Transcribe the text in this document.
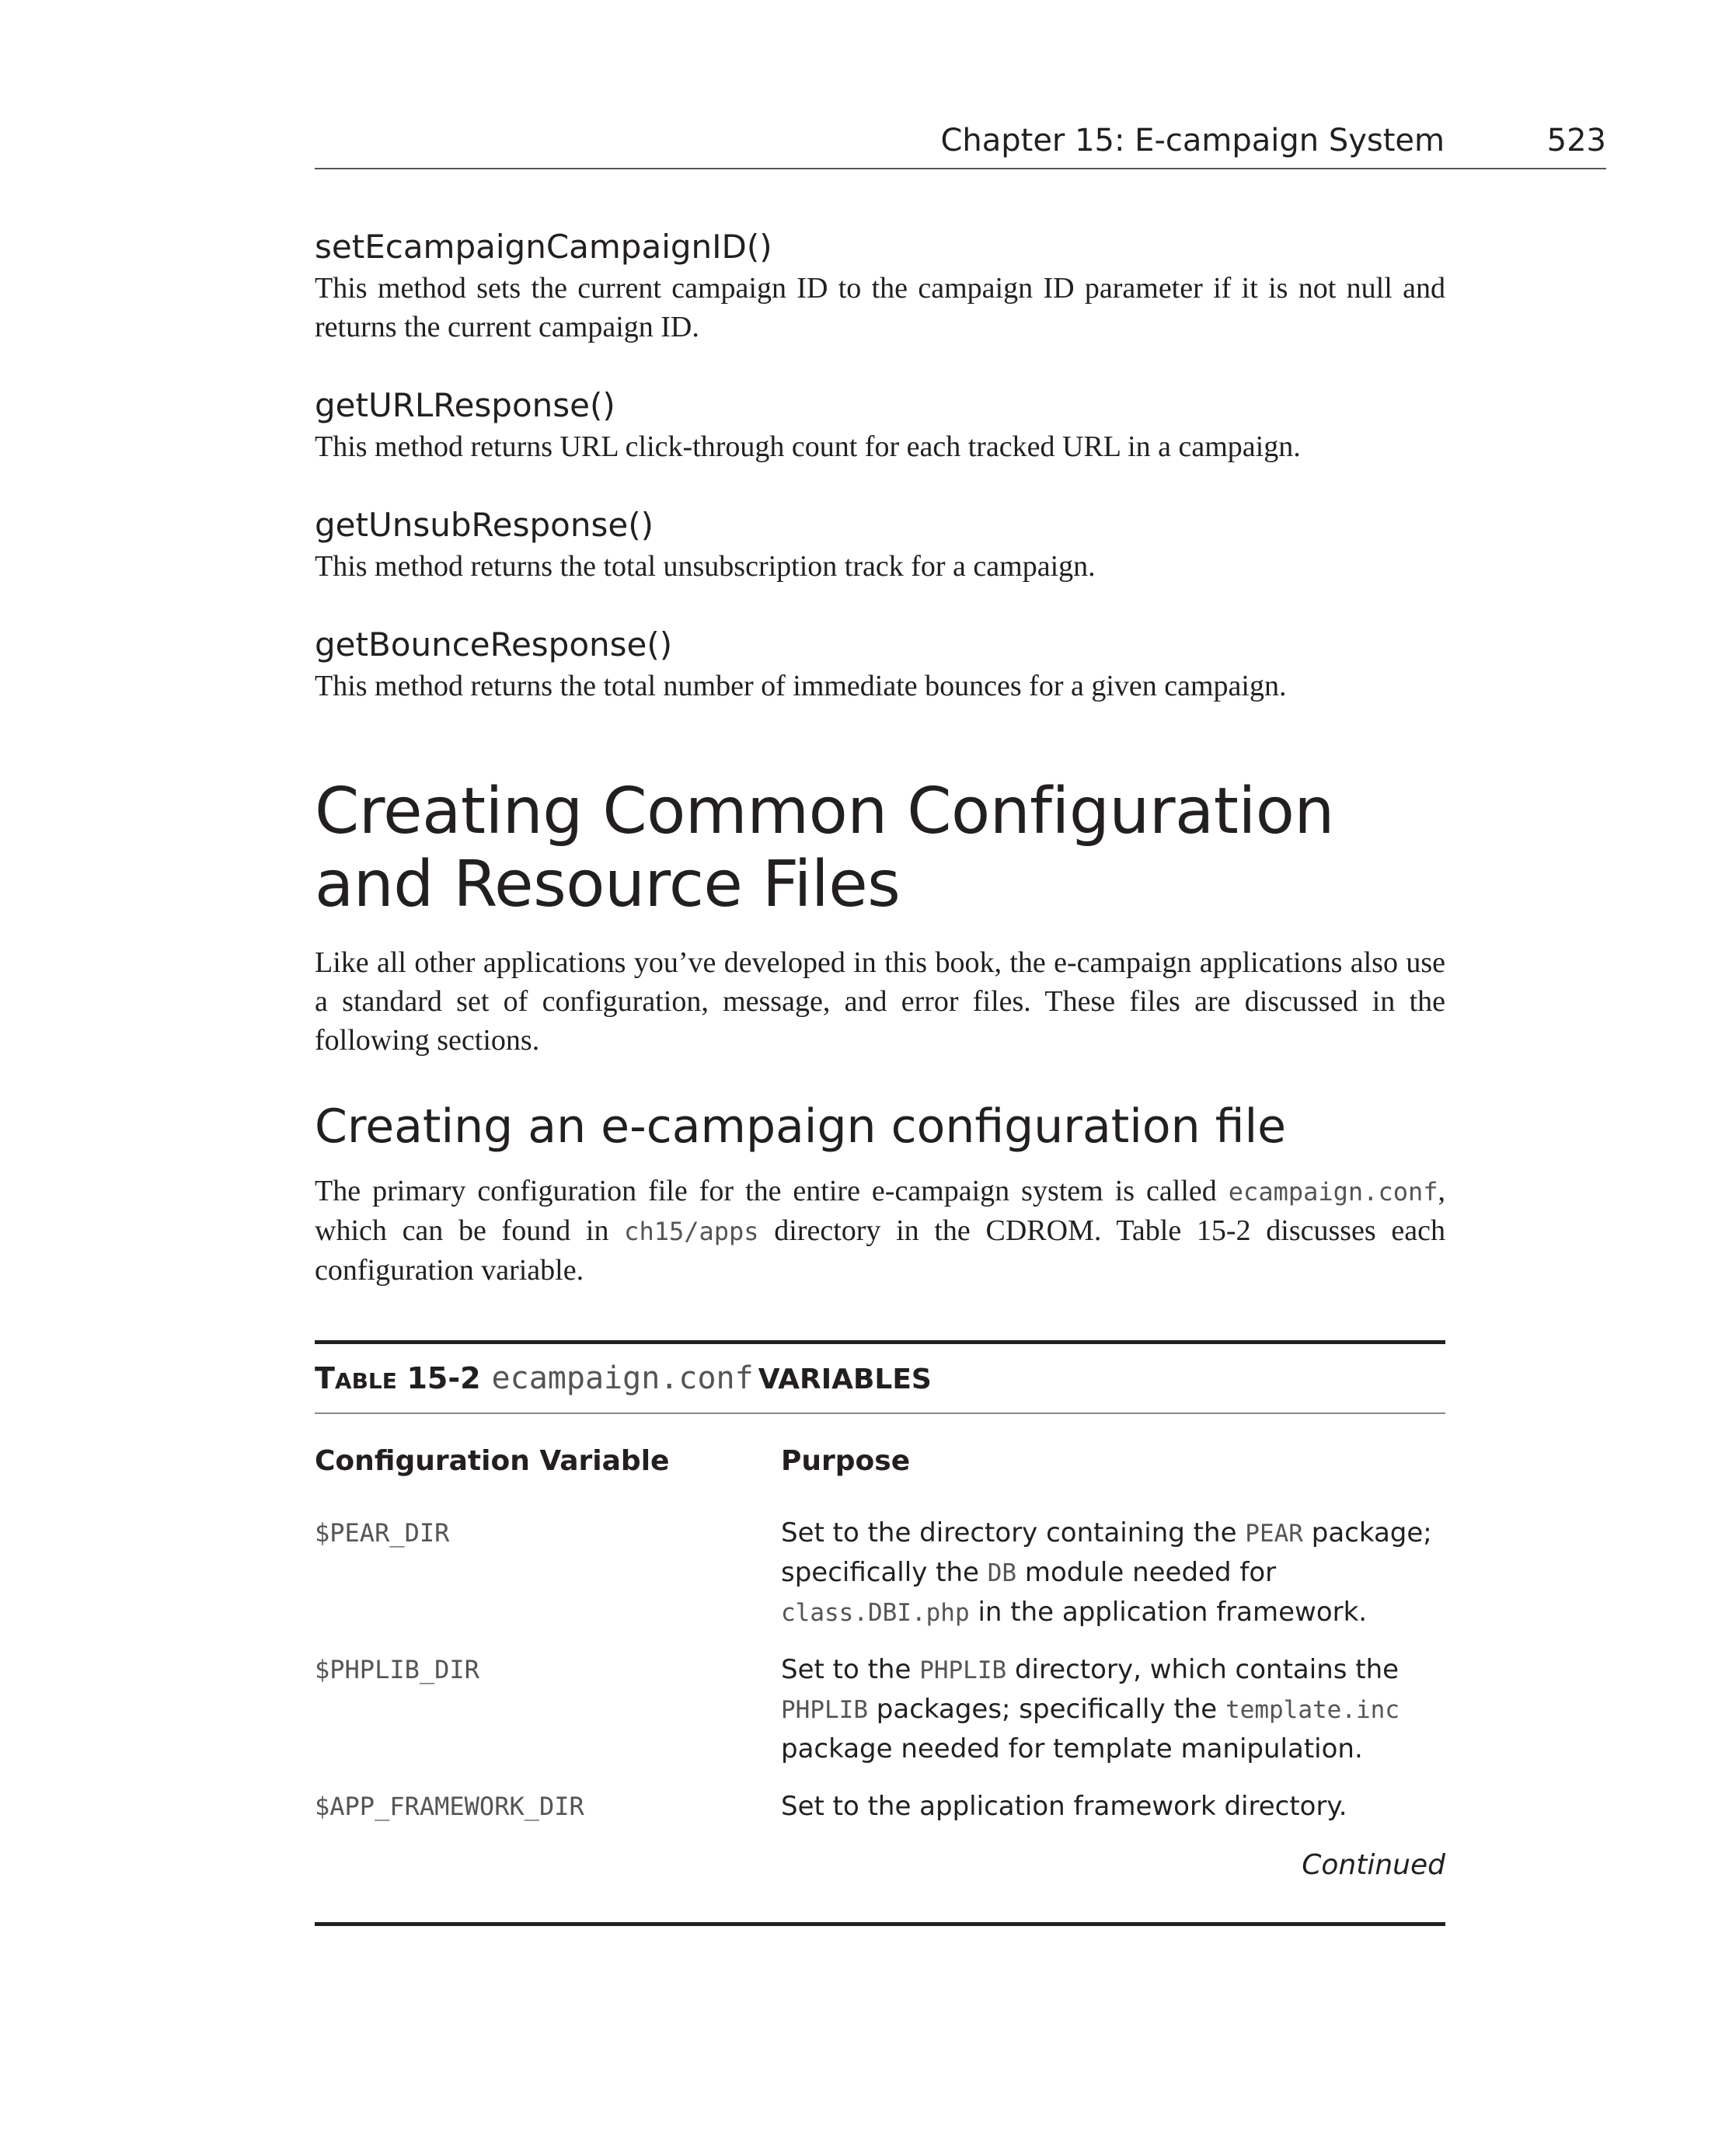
Chapter 15: E-campaign System	523
setEcampaignCampaignID()

This method sets the current campaign ID to the campaign ID parameter if it is not null and returns the current campaign ID.

getURLResponse()

This method returns URL click-through count for each tracked URL in a campaign.

getUnsubResponse()

This method returns the total unsubscription track for a campaign.

getBounceResponse()

This method returns the total number of immediate bounces for a given campaign.

Creating Common Configuration
and Resource Files

Like all other applications you’ve developed in this book, the e-campaign applications also use a standard set of configuration, message, and error files. These files are discussed in the following sections.

Creating an e-campaign configuration file

The primary configuration file for the entire e-campaign system is called ecampaign.conf, which can be found in ch15/apps directory in the CDROM. Table 15-2 discusses each configuration variable.

TABLE 15-2 ecampaign.conf VARIABLES
Configuration Variable	Purpose
$PEAR_DIR	Set to the directory containing the PEAR package; specifically the DB module needed for class.DBI.php in the application framework.
$PHPLIB_DIR	Set to the PHPLIB directory, which contains the PHPLIB packages; specifically the template.inc package needed for template manipulation.
$APP_FRAMEWORK_DIR	Set to the application framework directory.
Continued
